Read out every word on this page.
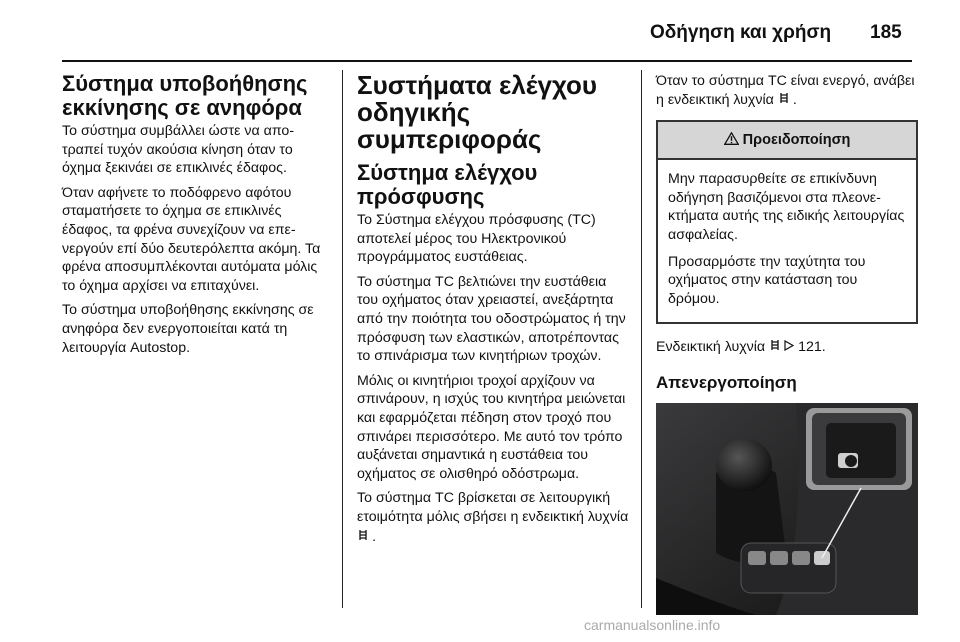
Οδήγηση και χρήση 185
Σύστημα υποβοήθησης εκκίνησης σε ανηφόρα

Το σύστημα συμβάλλει ώστε να αποτραπεί τυχόν ακούσια κίνηση όταν το όχημα ξεκινάει σε επικλινές έδαφος.

Όταν αφήνετε το ποδόφρενο αφότου σταματήσετε το όχημα σε επικλινές έδαφος, τα φρένα συνεχίζουν να επενεργούν επί δύο δευτερόλεπτα ακόμη. Τα φρένα αποσυμπλέκονται αυτόματα μόλις το όχημα αρχίσει να επιταχύνει.

Το σύστημα υποβοήθησης εκκίνησης σε ανηφόρα δεν ενεργοποιείται κατά τη λειτουργία Autostop.

Συστήματα ελέγχου οδηγικής συμπεριφοράς
Σύστημα ελέγχου πρόσφυσης

Το Σύστημα ελέγχου πρόσφυσης (TC) αποτελεί μέρος του Ηλεκτρονικού προγράμματος ευστάθειας.

Το σύστημα TC βελτιώνει την ευστάθεια του οχήματος όταν χρειαστεί, ανεξάρτητα από την ποιότητα του οδοστρώματος ή την πρόσφυση των ελαστικών, αποτρέποντας το σπινάρισμα των κινητήριων τροχών.

Μόλις οι κινητήριοι τροχοί αρχίζουν να σπινάρουν, η ισχύς του κινητήρα μειώνεται και εφαρμόζεται πέδηση στον τροχό που σπινάρει περισσότερο. Με αυτό τον τρόπο αυξάνεται σημαντικά η ευστάθεια του οχήματος σε ολισθηρό οδόστρωμα.

Το σύστημα TC βρίσκεται σε λειτουργική ετοιμότητα μόλις σβήσει η ενδεικτική λυχνία  .

Όταν το σύστημα TC είναι ενεργό, ανάβει η ενδεικτική λυχνία .

Προειδοποίηση

Μην παρασυρθείτε σε επικίνδυνη οδήγηση βασιζόμενοι στα πλεονεκτήματα αυτής της ειδικής λειτουργίας ασφαλείας.

Προσαρμόστε την ταχύτητα του οχήματος στην κατάσταση του δρόμου.

Ενδεικτική λυχνία 121.

Απενεργοποίηση
carmanualsonline.info
